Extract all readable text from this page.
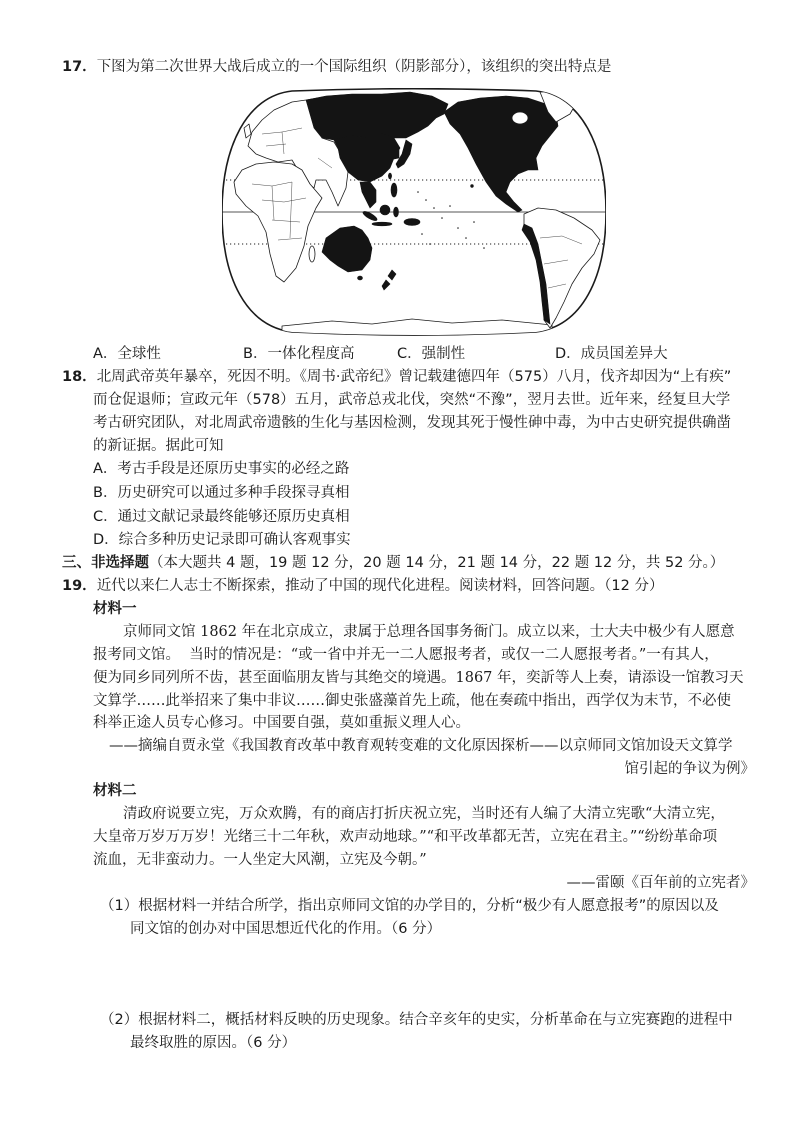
17．下图为第二次世界大战后成立的一个国际组织（阴影部分），该组织的突出特点是
A．全球性	B．一体化程度高	C．强制性	D．成员国差异大
18．北周武帝英年暴卒，死因不明。《周书·武帝纪》曾记载建德四年（575）八月，伐齐却因为“上有疾”
而仓促退师；宣政元年（578）五月，武帝总戎北伐，突然“不豫”，翌月去世。近年来，经复旦大学
考古研究团队，对北周武帝遗骸的生化与基因检测，发现其死于慢性砷中毒，为中古史研究提供确凿
的新证据。据此可知
A．考古手段是还原历史事实的必经之路
B．历史研究可以通过多种手段探寻真相
C．通过文献记录最终能够还原历史真相
D．综合多种历史记录即可确认客观事实
三、非选择题（本大题共 4 题，19 题 12 分，20 题 14 分，21 题 14 分，22 题 12 分，共 52 分。）
19．近代以来仁人志士不断探索，推动了中国的现代化进程。阅读材料，回答问题。（12 分）
材料一
京师同文馆 1862 年在北京成立，隶属于总理各国事务衙门。成立以来，士大夫中极少有人愿意
报考同文馆。  当时的情况是：“或一省中并无一二人愿报考者，或仅一二人愿报考者。”一有其人，
便为同乡同列所不齿，甚至面临朋友皆与其绝交的境遇。1867 年，奕訢等人上奏，请添设一馆教习天
文算学……此举招来了集中非议……御史张盛藻首先上疏，他在奏疏中指出，西学仅为末节，不必使
科举正途人员专心修习。中国要自强，莫如重振义理人心。
——摘编自贾永堂《我国教育改革中教育观转变难的文化原因探析——以京师同文馆加设天文算学
馆引起的争议为例》
材料二
清政府说要立宪，万众欢腾，有的商店打折庆祝立宪，当时还有人编了大清立宪歌“大清立宪，
大皇帝万岁万万岁！光绪三十二年秋，欢声动地球。”“和平改革都无苦，立宪在君主。”“纷纷革命项
流血，无非蛮动力。一人坐定大风潮，立宪及今朝。”
——雷颐《百年前的立宪者》
（1）根据材料一并结合所学，指出京师同文馆的办学目的，分析“极少有人愿意报考”的原因以及
同文馆的创办对中国思想近代化的作用。（6 分）
（2）根据材料二，概括材料反映的历史现象。结合辛亥年的史实，分析革命在与立宪赛跑的进程中
最终取胜的原因。（6 分）
